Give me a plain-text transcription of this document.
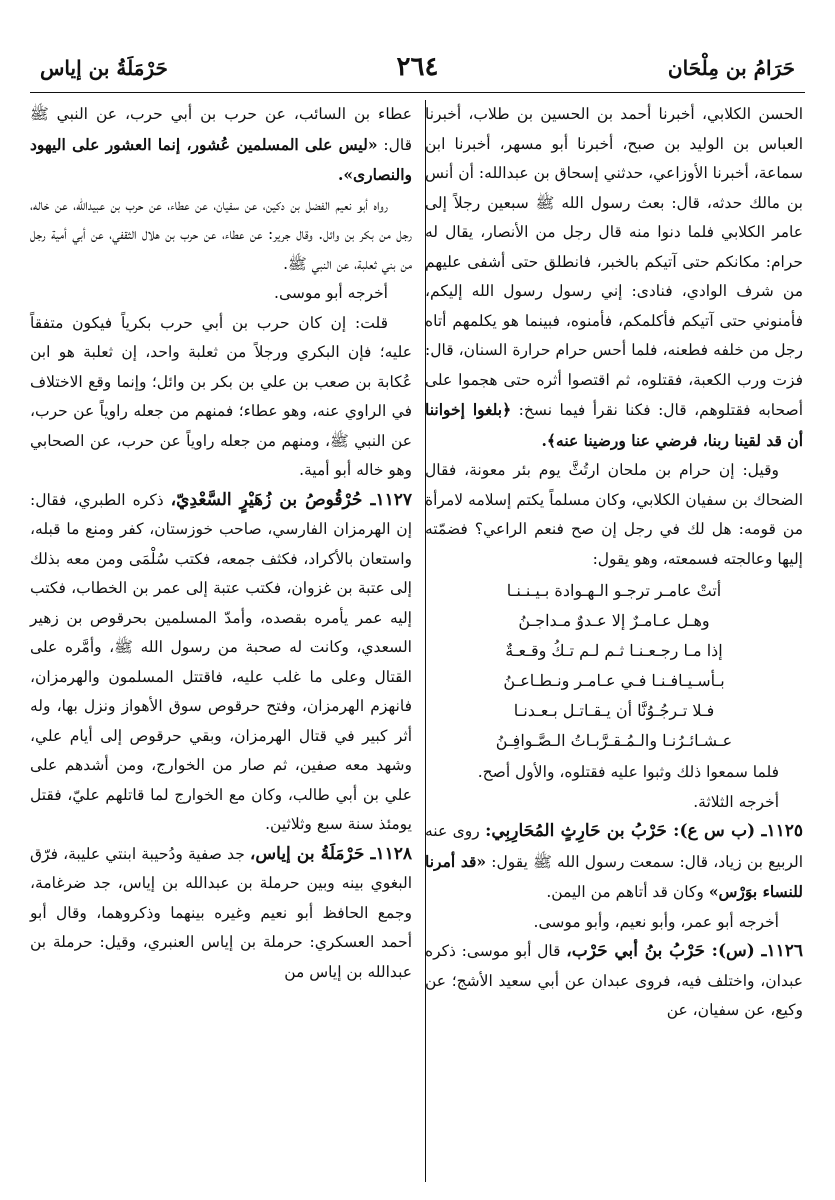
حَرَامُ بن مِلْحَان
٢٦٤
حَرْمَلَةُ بن إياس

الحسن الكلابي، أخبرنا أحمد بن الحسين بن طلاب، أخبرنا العباس بن الوليد بن صبح، أخبرنا أبو مسهر، أخبرنا ابن سماعة، أخبرنا الأوزاعي، حدثني إسحاق بن عبدالله: أن أنس بن مالك حدثه، قال: بعث رسول الله ﷺ سبعين رجلاً إلى عامر الكلابي فلما دنوا منه قال رجل من الأنصار، يقال له حرام: مكانكم حتى آتيكم بالخبر، فانطلق حتى أشفى عليهم من شرف الوادي، فنادى: إني رسول رسول الله إليكم، فأمنوني حتى آتيكم فأكلمكم، فأمنوه، فبينما هو يكلمهم أتاه رجل من خلفه فطعنه، فلما أحس حرام حرارة السنان، قال: فزت ورب الكعبة، فقتلوه، ثم اقتصوا أثره حتى هجموا على أصحابه فقتلوهم، قال: فكنا نقرأ فيما نسخ: ﴿بلغوا إخواننا أن قد لقينا ربنا، فرضي عنا ورضينا عنه﴾.

وقيل: إن حرام بن ملحان ارتُثَّ يوم بئر معونة، فقال الضحاك بن سفيان الكلابي، وكان مسلماً يكتم إسلامه لامرأة من قومه: هل لك في رجل إن صح فنعم الراعي؟ فضمّته إليها وعالجته فسمعته، وهو يقول:

أتتْ عامـر ترجـو الـهـوادة بـيـنـنـا
وهـل عـامـرٌ إلا عـدوٌ مـداجـنُ
إذا مـا رجـعـنـا ثـم لـم تـكُ وقـعـةٌ
بـأسـيـافـنـا فـي عـامـر ونـطـاعـنُ
فـلا تـرجُـوُنَّا أن يـقـاتـل بـعـدنـا
عـشـائـرُنـا والـمُـقـرَّبـاتُ الـصَّـوافِـنُ

فلما سمعوا ذلك وثبوا عليه فقتلوه، والأول أصح.

أخرجه الثلاثة.

١١٢٥ـ (ب س ع): حَرْبُ بن حَارِثٍ المُحَارِبِي: روى عنه الربيع بن زياد، قال: سمعت رسول الله ﷺ يقول: «قد أمرنا للنساء بوَرْس» وكان قد أتاهم من اليمن.

أخرجه أبو عمر، وأبو نعيم، وأبو موسى.

١١٢٦ـ (س): حَرْبُ بنُ أبي حَرْب، قال أبو موسى: ذكره عبدان، واختلف فيه، فروى عبدان عن أبي سعيد الأشج؛ عن وكيع، عن سفيان، عن

عطاء بن السائب، عن حرب بن أبي حرب، عن النبي ﷺ قال: «ليس على المسلمين عُشور، إنما العشور على اليهود والنصارى».

رواه أبو نعيم الفضل بن دكين، عن سفيان، عن عطاء، عن حرب بن عبيدالله، عن خاله، رجل من بكر بن وائل. وقال جرير: عن عطاء، عن حرب بن هلال الثقفي، عن أبي أمية رجل من بني ثعلبة، عن النبي ﷺ.

أخرجه أبو موسى.

قلت: إن كان حرب بن أبي حرب بكرياً فيكون متفقاً عليه؛ فإن البكري ورجلاً من ثعلبة واحد، إن ثعلبة هو ابن عُكابة بن صعب بن علي بن بكر بن وائل؛ وإنما وقع الاختلاف في الراوي عنه، وهو عطاء؛ فمنهم من جعله راوياً عن حرب، عن النبي ﷺ، ومنهم من جعله راوياً عن حرب، عن الصحابي وهو خاله أبو أمية.

١١٢٧ـ حُرْقُوصُ بن زُهَيْرٍ السَّعْدِيّ، ذكره الطبري، فقال: إن الهرمزان الفارسي، صاحب خوزستان، كفر ومنع ما قبله، واستعان بالأكراد، فكثف جمعه، فكتب سُلْمَى ومن معه بذلك إلى عتبة بن غزوان، فكتب عتبة إلى عمر بن الخطاب، فكتب إليه عمر يأمره بقصده، وأمدّ المسلمين بحرقوص بن زهير السعدي، وكانت له صحبة من رسول الله ﷺ، وأمَّره على القتال وعلى ما غلب عليه، فاقتتل المسلمون والهرمزان، فانهزم الهرمزان، وفتح حرقوص سوق الأهواز ونزل بها، وله أثر كبير في قتال الهرمزان، وبقي حرقوص إلى أيام علي، وشهد معه صفين، ثم صار من الخوارج، ومن أشدهم على علي بن أبي طالب، وكان مع الخوارج لما قاتلهم عليّ، فقتل يومئذ سنة سبع وثلاثين.

١١٢٨ـ حَرْمَلَةُ بن إياس، جد صفية ودُحيبة ابنتي عليبة، فرّق البغوي بينه وبين حرملة بن عبدالله بن إياس، جد ضرغامة، وجمع الحافظ أبو نعيم وغيره بينهما وذكروهما، وقال أبو أحمد العسكري: حرملة بن إياس العنبري، وقيل: حرملة بن عبدالله بن إياس من
